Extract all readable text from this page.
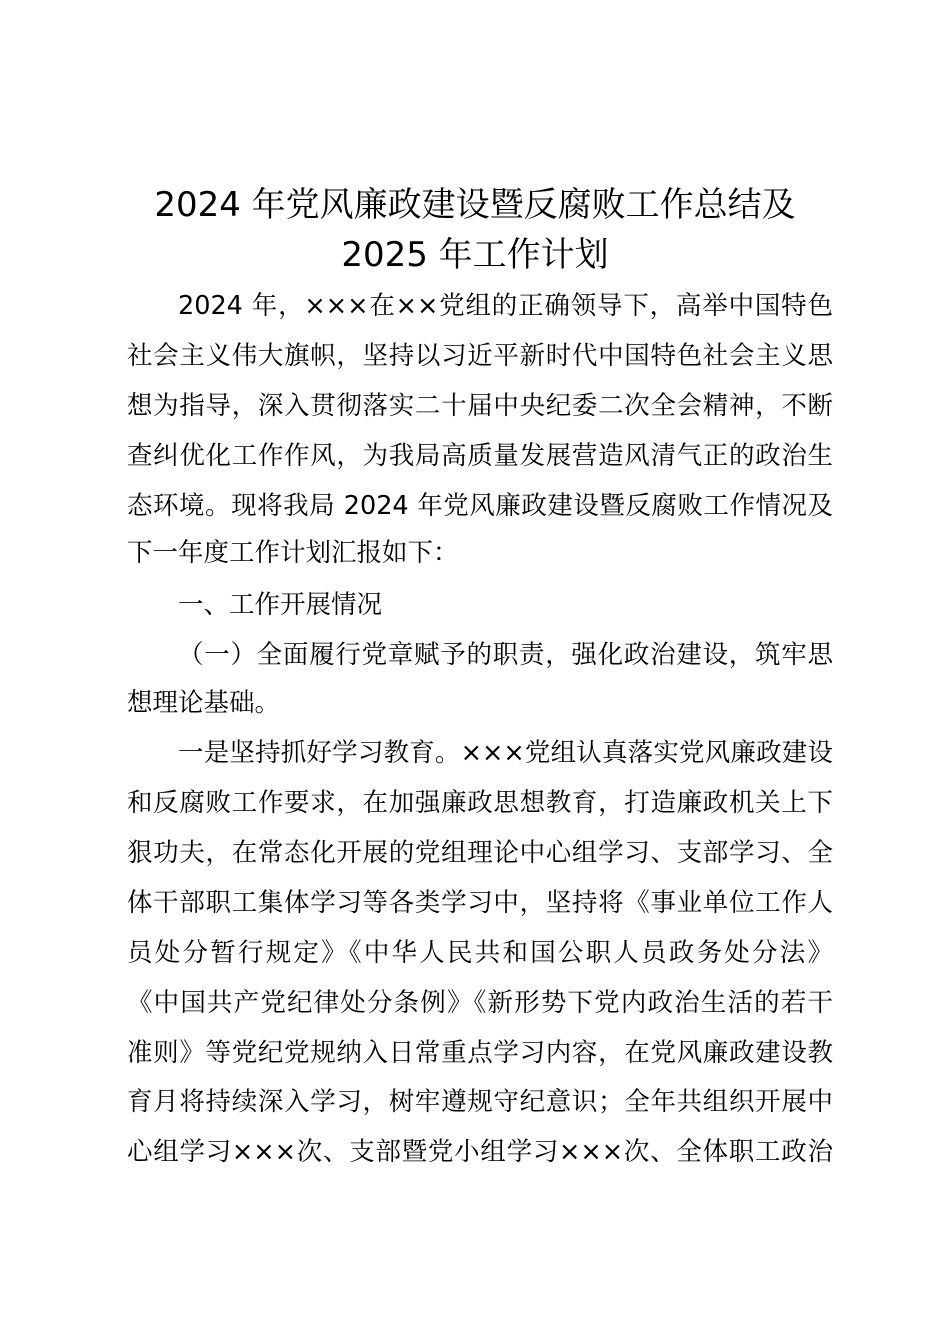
2024 年党风廉政建设暨反腐败工作总结及
2025 年工作计划
2024 年，×××在××党组的正确领导下，高举中国特色
社会主义伟大旗帜，坚持以习近平新时代中国特色社会主义思
想为指导，深入贯彻落实二十届中央纪委二次全会精神，不断
查纠优化工作作风，为我局高质量发展营造风清气正的政治生
态环境。现将我局 2024 年党风廉政建设暨反腐败工作情况及
下一年度工作计划汇报如下：
一、工作开展情况
（一）全面履行党章赋予的职责，强化政治建设，筑牢思
想理论基础。
一是坚持抓好学习教育。×××党组认真落实党风廉政建设
和反腐败工作要求，在加强廉政思想教育，打造廉政机关上下
狠功夫，在常态化开展的党组理论中心组学习、支部学习、全
体干部职工集体学习等各类学习中，坚持将《事业单位工作人
员处分暂行规定》《中华人民共和国公职人员政务处分法》
《中国共产党纪律处分条例》《新形势下党内政治生活的若干
准则》等党纪党规纳入日常重点学习内容，在党风廉政建设教
育月将持续深入学习，树牢遵规守纪意识；全年共组织开展中
心组学习×××次、支部暨党小组学习×××次、全体职工政治
